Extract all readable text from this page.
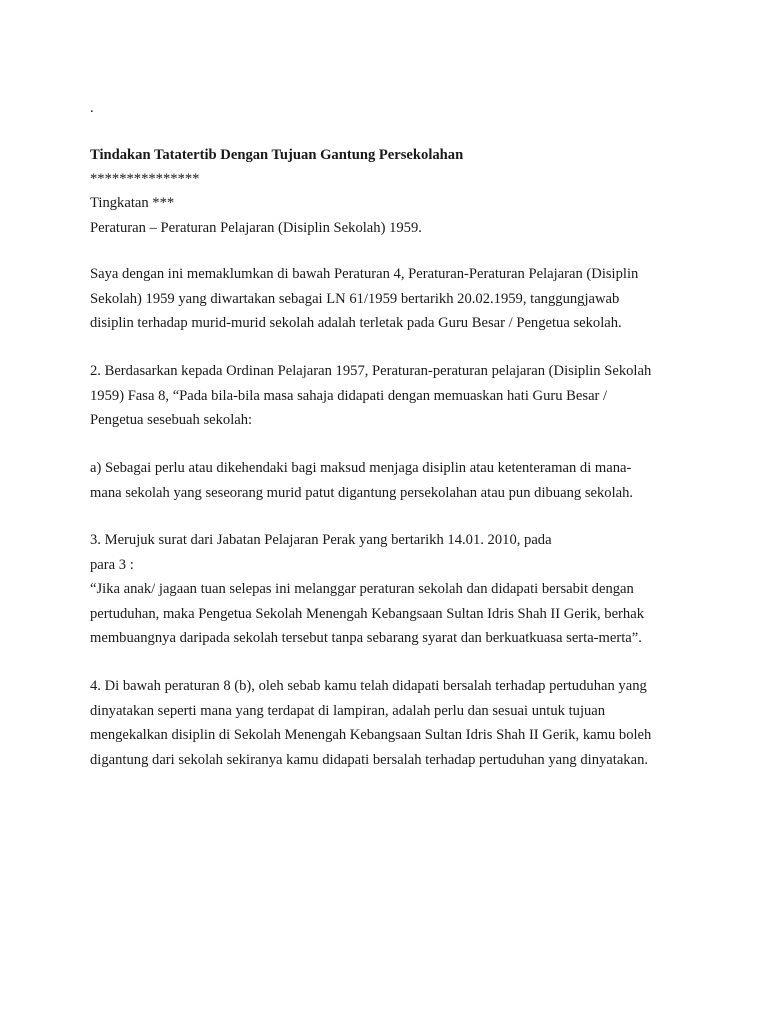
.
Tindakan Tatatertib Dengan Tujuan Gantung Persekolahan
***************
Tingkatan ***
Peraturan – Peraturan Pelajaran (Disiplin Sekolah) 1959.
Saya dengan ini memaklumkan di bawah Peraturan 4, Peraturan-Peraturan Pelajaran (Disiplin
Sekolah) 1959 yang diwartakan sebagai LN 61/1959 bertarikh 20.02.1959, tanggungjawab
disiplin terhadap murid-murid sekolah adalah terletak pada Guru Besar / Pengetua sekolah.
2. Berdasarkan kepada Ordinan Pelajaran 1957, Peraturan-peraturan pelajaran (Disiplin Sekolah
1959) Fasa 8, “Pada bila-bila masa sahaja didapati dengan memuaskan hati Guru Besar /
Pengetua sesebuah sekolah:
a) Sebagai perlu atau dikehendaki bagi maksud menjaga disiplin atau ketenteraman di mana-
mana sekolah yang seseorang murid patut digantung persekolahan atau pun dibuang sekolah.
3. Merujuk surat dari Jabatan Pelajaran Perak yang bertarikh 14.01. 2010, pada
para 3 :
“Jika anak/ jagaan tuan selepas ini melanggar peraturan sekolah dan didapati bersabit dengan
pertuduhan, maka Pengetua Sekolah Menengah Kebangsaan Sultan Idris Shah II Gerik, berhak
membuangnya daripada sekolah tersebut tanpa sebarang syarat dan berkuatkuasa serta-merta”.
4. Di bawah peraturan 8 (b), oleh sebab kamu telah didapati bersalah terhadap pertuduhan yang
dinyatakan seperti mana yang terdapat di lampiran, adalah perlu dan sesuai untuk tujuan
mengekalkan disiplin di Sekolah Menengah Kebangsaan Sultan Idris Shah II Gerik, kamu boleh
digantung dari sekolah sekiranya kamu didapati bersalah terhadap pertuduhan yang dinyatakan.
